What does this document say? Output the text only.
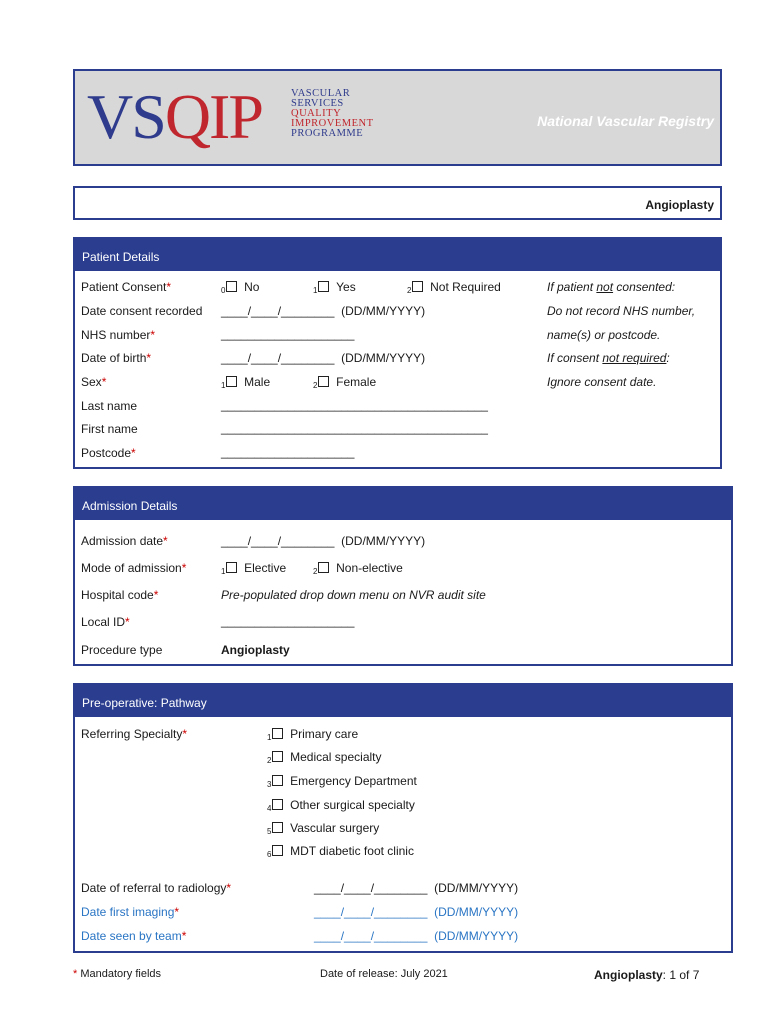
VSQIP	VASCULAR
SERVICES
QUALITY
IMPROVEMENT
PROGRAMME
National Vascular Registry
Angioplasty
Patient Details
Patient Consent*	$_0$ No	$_1$ Yes	$_2$ Not Required
Date consent recorded ____/____/________ (DD/MM/YYYY)
NHS number*	____________________
Date of birth*	____/____/________ (DD/MM/YYYY)
Sex*	$_1$ Male	$_2$ Female
Last name	________________________________________
First name	________________________________________
Postcode*	____________________
If patient not consented:
Do not record NHS number,
name(s) or postcode.
If consent not required:
Ignore consent date.
Admission Details
Admission date*	____/____/________ (DD/MM/YYYY)
Mode of admission*	$_1$ Elective	$_2$ Non-elective
Hospital code*	Pre-populated drop down menu on NVR audit site
Local ID*	____________________
Procedure type	Angioplasty
Pre-operative: Pathway
Referring Specialty*	$_1$ Primary care
$_2$ Medical specialty
$_3$ Emergency Department
$_4$ Other surgical specialty
$_5$ Vascular surgery
$_6$ MDT diabetic foot clinic
Date of referral to radiology*	____/____/________ (DD/MM/YYYY)
Date first imaging*	____/____/________ (DD/MM/YYYY)
Date seen by team*	____/____/________ (DD/MM/YYYY)
* Mandatory fields	Date of release: July 2021	Angioplasty: 1 of 7
